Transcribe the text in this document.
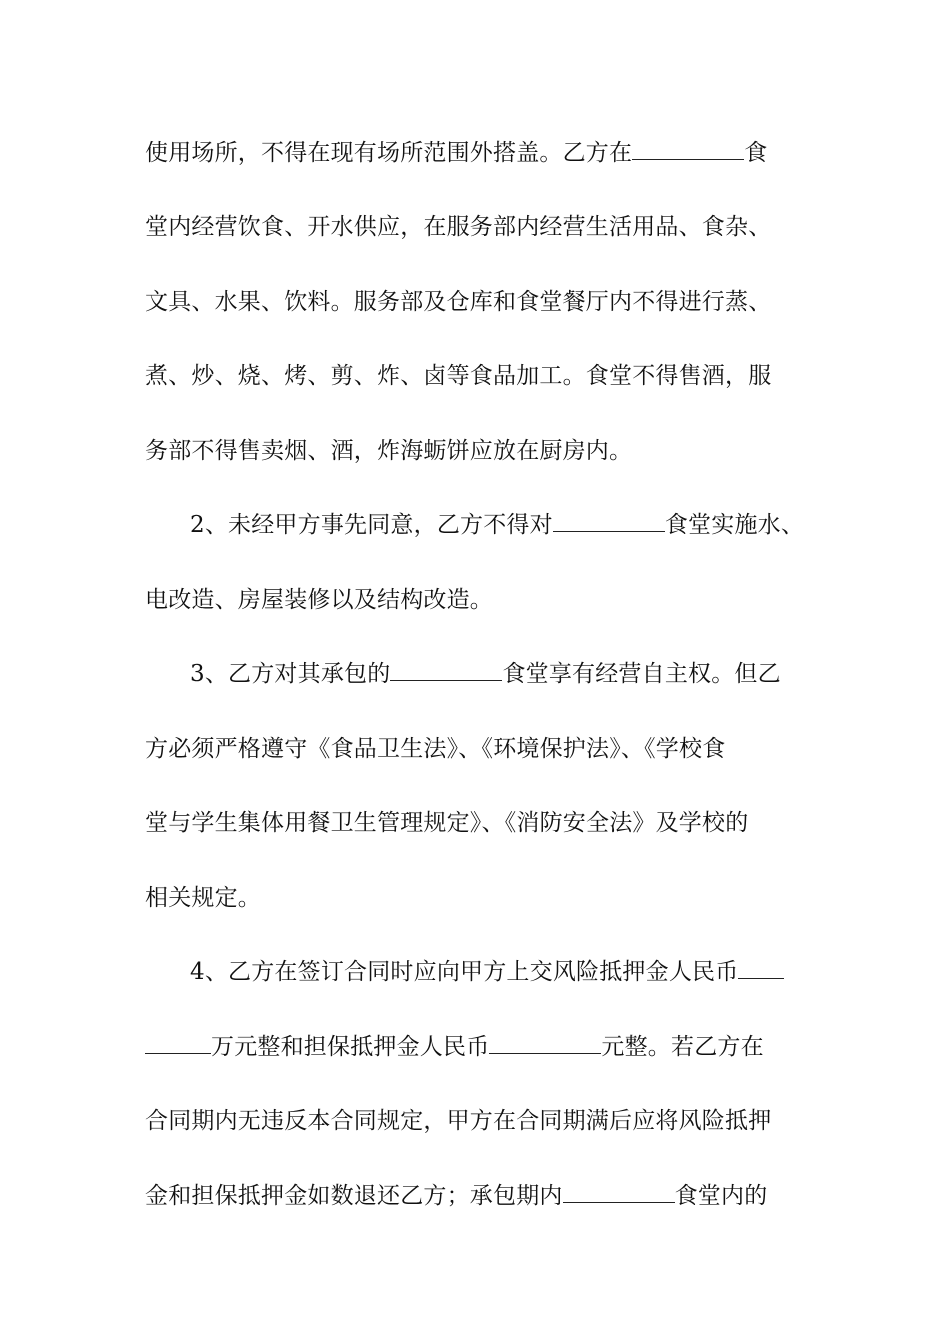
使用场所，不得在现有场所范围外搭盖。乙方在	食
堂内经营饮食、开水供应，在服务部内经营生活用品、食杂、
文具、水果、饮料。服务部及仓库和食堂餐厅内不得进行蒸、
煮、炒、烧、烤、剪、炸、卤等食品加工。食堂不得售酒，服
务部不得售卖烟、酒，炸海蛎饼应放在厨房内。
2、未经甲方事先同意，乙方不得对	食堂实施水、
电改造、房屋装修以及结构改造。
3、乙方对其承包的	食堂享有经营自主权。但乙
方必须严格遵守《食品卫生法》、《环境保护法》、《学校食
堂与学生集体用餐卫生管理规定》、《消防安全法》及学校的
相关规定。
4、乙方在签订合同时应向甲方上交风险抵押金人民币
万元整和担保抵押金人民币	元整。若乙方在
合同期内无违反本合同规定，甲方在合同期满后应将风险抵押
金和担保抵押金如数退还乙方；承包期内	食堂内的
